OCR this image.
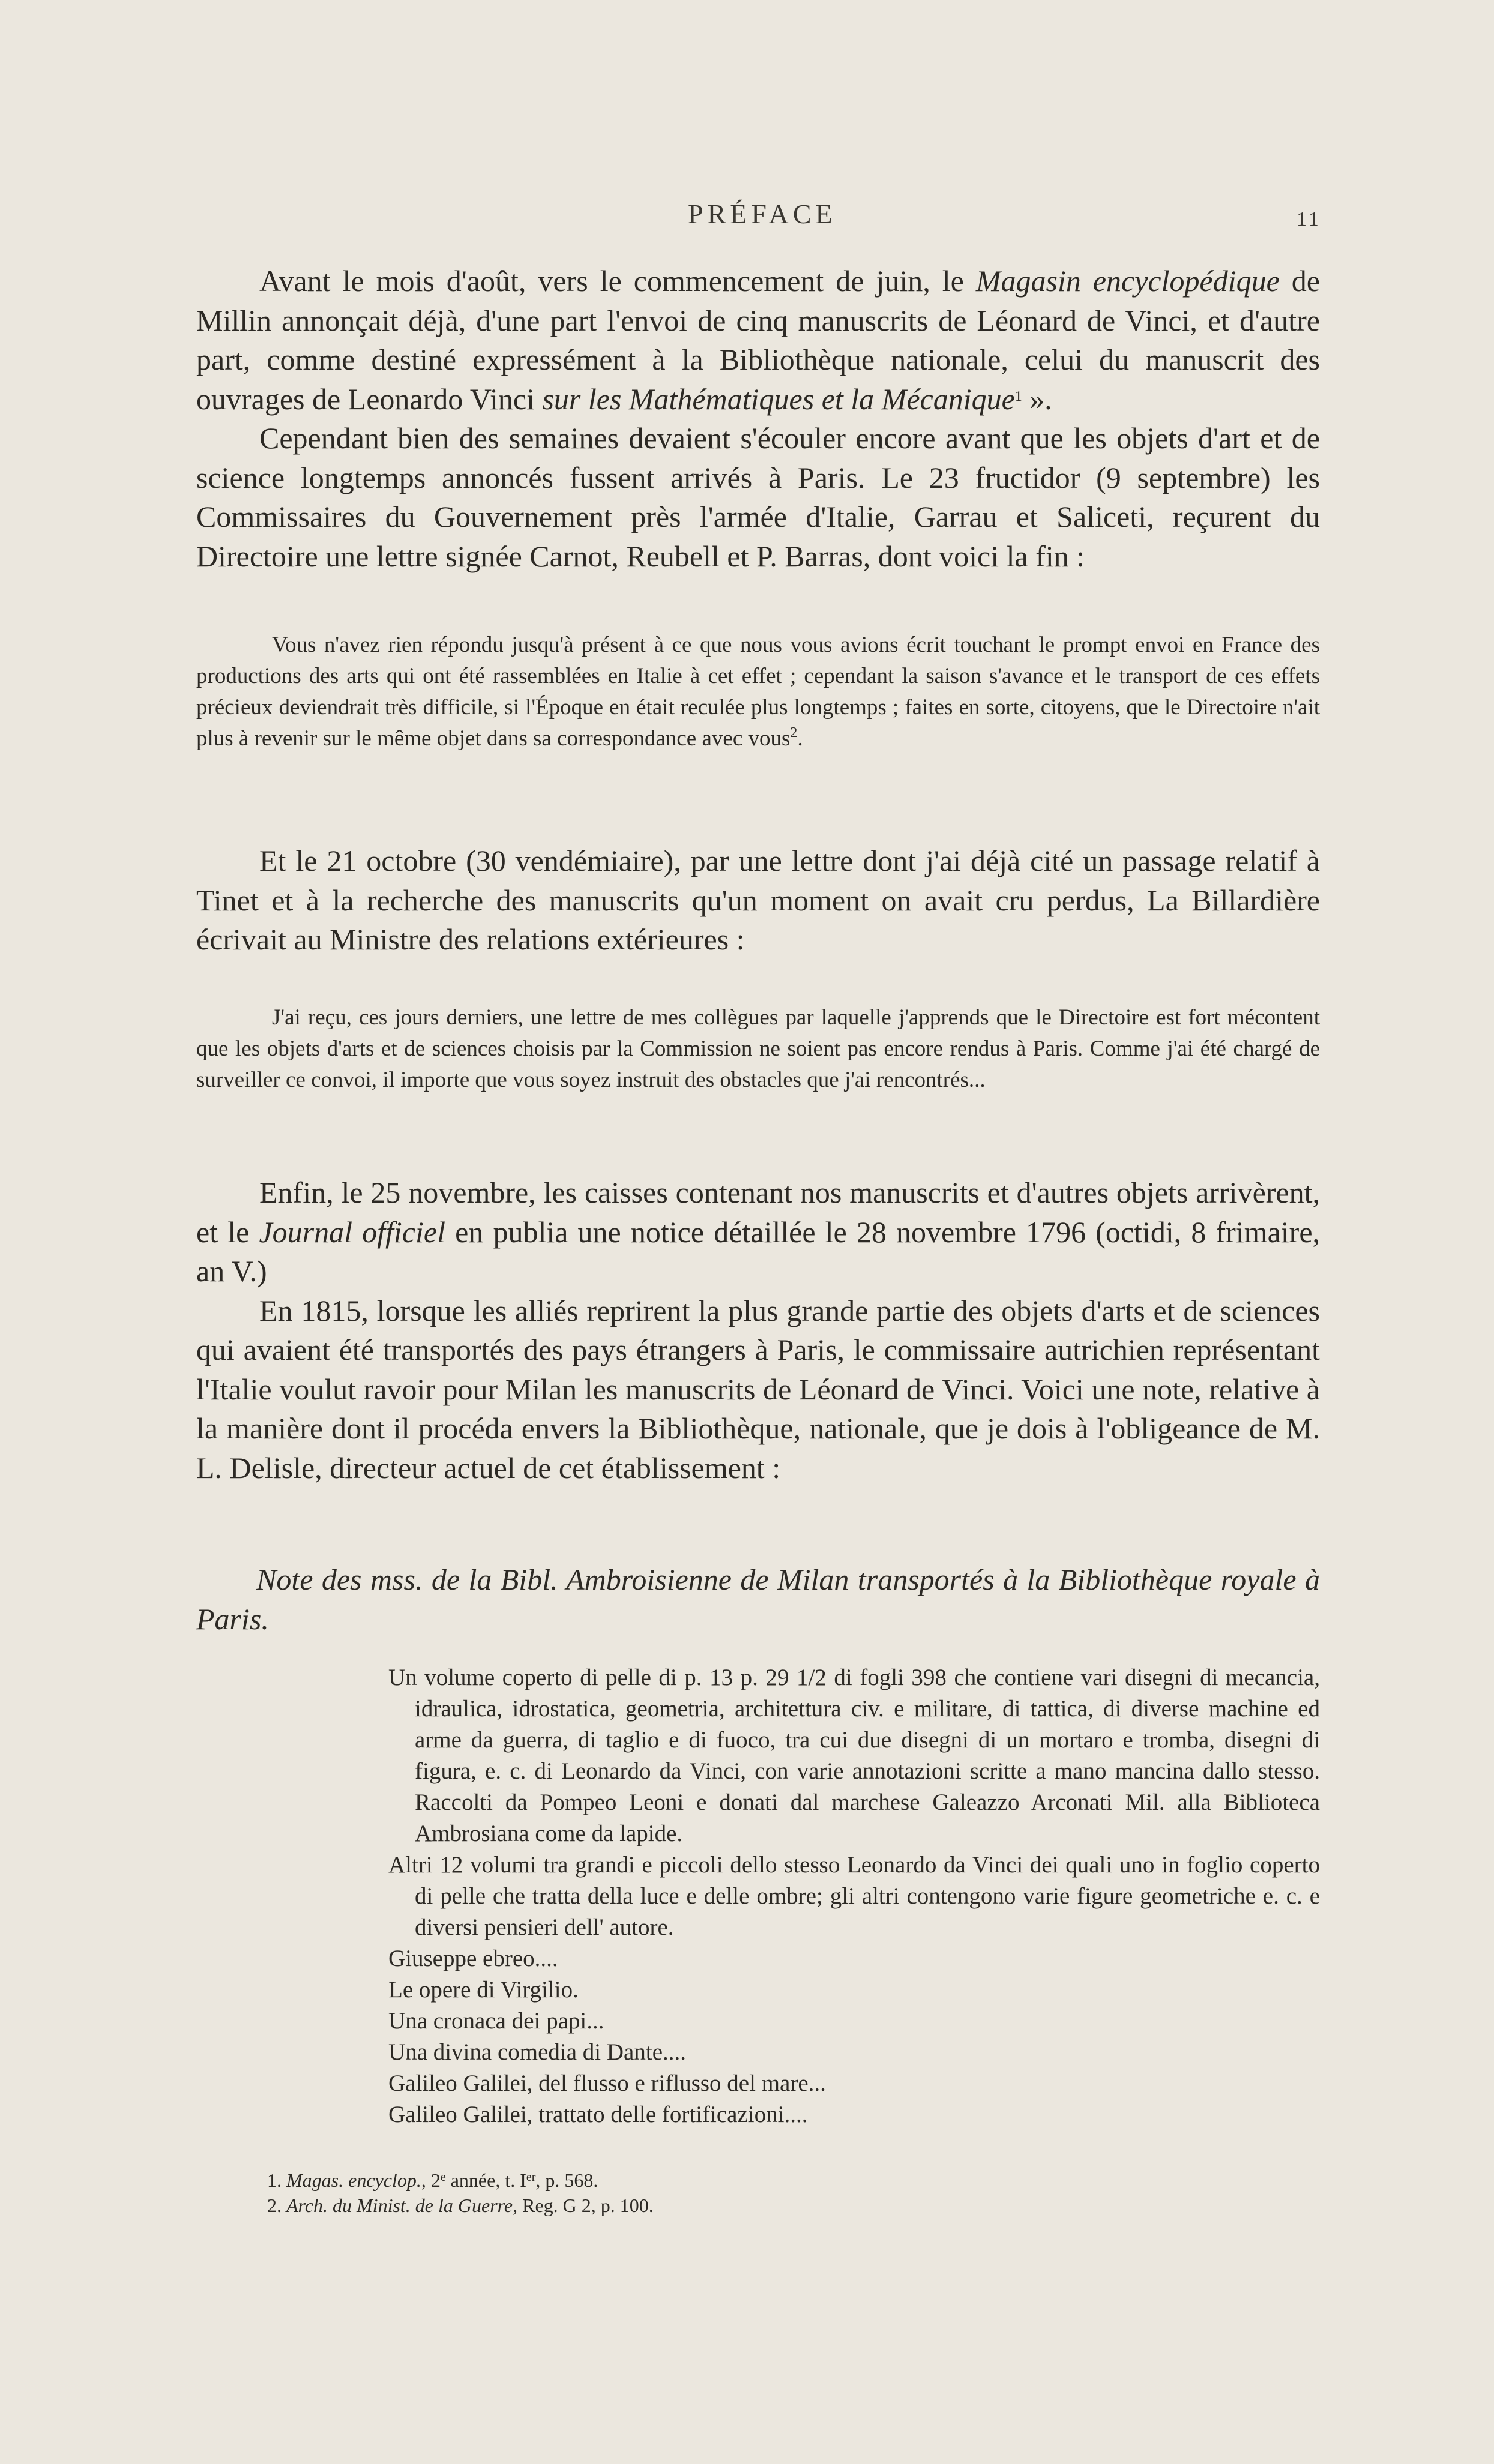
PRÉFACE	11

Avant le mois d'août, vers le commencement de juin, le Magasin encyclopédique de Millin annonçait déjà, d'une part l'envoi de cinq manuscrits de Léonard de Vinci, et d'autre part, comme destiné expressément à la Bibliothèque nationale, celui du manuscrit des ouvrages de Leonardo Vinci sur les Mathématiques et la Mécanique$^1$ ».

Cependant bien des semaines devaient s'écouler encore avant que les objets d'art et de science longtemps annoncés fussent arrivés à Paris. Le 23 fructidor (9 septembre) les Commissaires du Gouvernement près l'armée d'Italie, Garrau et Saliceti, reçurent du Directoire une lettre signée Carnot, Reubell et P. Barras, dont voici la fin :

Vous n'avez rien répondu jusqu'à présent à ce que nous vous avions écrit touchant le prompt envoi en France des productions des arts qui ont été rassemblées en Italie à cet effet ; cependant la saison s'avance et le transport de ces effets précieux deviendrait très difficile, si l'Époque en était reculée plus longtemps ; faites en sorte, citoyens, que le Directoire n'ait plus à revenir sur le même objet dans sa correspondance avec vous$^2$.

Et le 21 octobre (30 vendémiaire), par une lettre dont j'ai déjà cité un passage relatif à Tinet et à la recherche des manuscrits qu'un moment on avait cru perdus, La Billardière écrivait au Ministre des relations extérieures :

J'ai reçu, ces jours derniers, une lettre de mes collègues par laquelle j'apprends que le Directoire est fort mécontent que les objets d'arts et de sciences choisis par la Commission ne soient pas encore rendus à Paris. Comme j'ai été chargé de surveiller ce convoi, il importe que vous soyez instruit des obstacles que j'ai rencontrés...

Enfin, le 25 novembre, les caisses contenant nos manuscrits et d'autres objets arrivèrent, et le Journal officiel en publia une notice détaillée le 28 novembre 1796 (octidi, 8 frimaire, an V.)

En 1815, lorsque les alliés reprirent la plus grande partie des objets d'arts et de sciences qui avaient été transportés des pays étrangers à Paris, le commissaire autrichien représentant l'Italie voulut ravoir pour Milan les manuscrits de Léonard de Vinci. Voici une note, relative à la manière dont il procéda envers la Bibliothèque, nationale, que je dois à l'obligeance de M. L. Delisle, directeur actuel de cet établissement :

Note des mss. de la Bibl. Ambroisienne de Milan transportés à la Bibliothèque royale à Paris.

Un volume coperto di pelle di p. 13 p. 29 1/2 di fogli 398 che contiene vari disegni di mecancia, idraulica, idrostatica, geometria, architettura civ. e militare, di tattica, di diverse machine ed arme da guerra, di taglio e di fuoco, tra cui due disegni di un mortaro e tromba, disegni di figura, e. c. di Leonardo da Vinci, con varie annotazioni scritte a mano mancina dallo stesso. Raccolti da Pompeo Leoni e donati dal marchese Galeazzo Arconati Mil. alla Biblioteca Ambrosiana come da lapide.

Altri 12 volumi tra grandi e piccoli dello stesso Leonardo da Vinci dei quali uno in foglio coperto di pelle che tratta della luce e delle ombre; gli altri contengono varie figure geometriche e. c. e diversi pensieri dell' autore.

Giuseppe ebreo....

Le opere di Virgilio.

Una cronaca dei papi...

Una divina comedia di Dante....

Galileo Galilei, del flusso e riflusso del mare...

Galileo Galilei, trattato delle fortificazioni....

1. Magas. encyclop., 2e année, t. Ier, p. 568.

2. Arch. du Minist. de la Guerre, Reg. G 2, p. 100.
